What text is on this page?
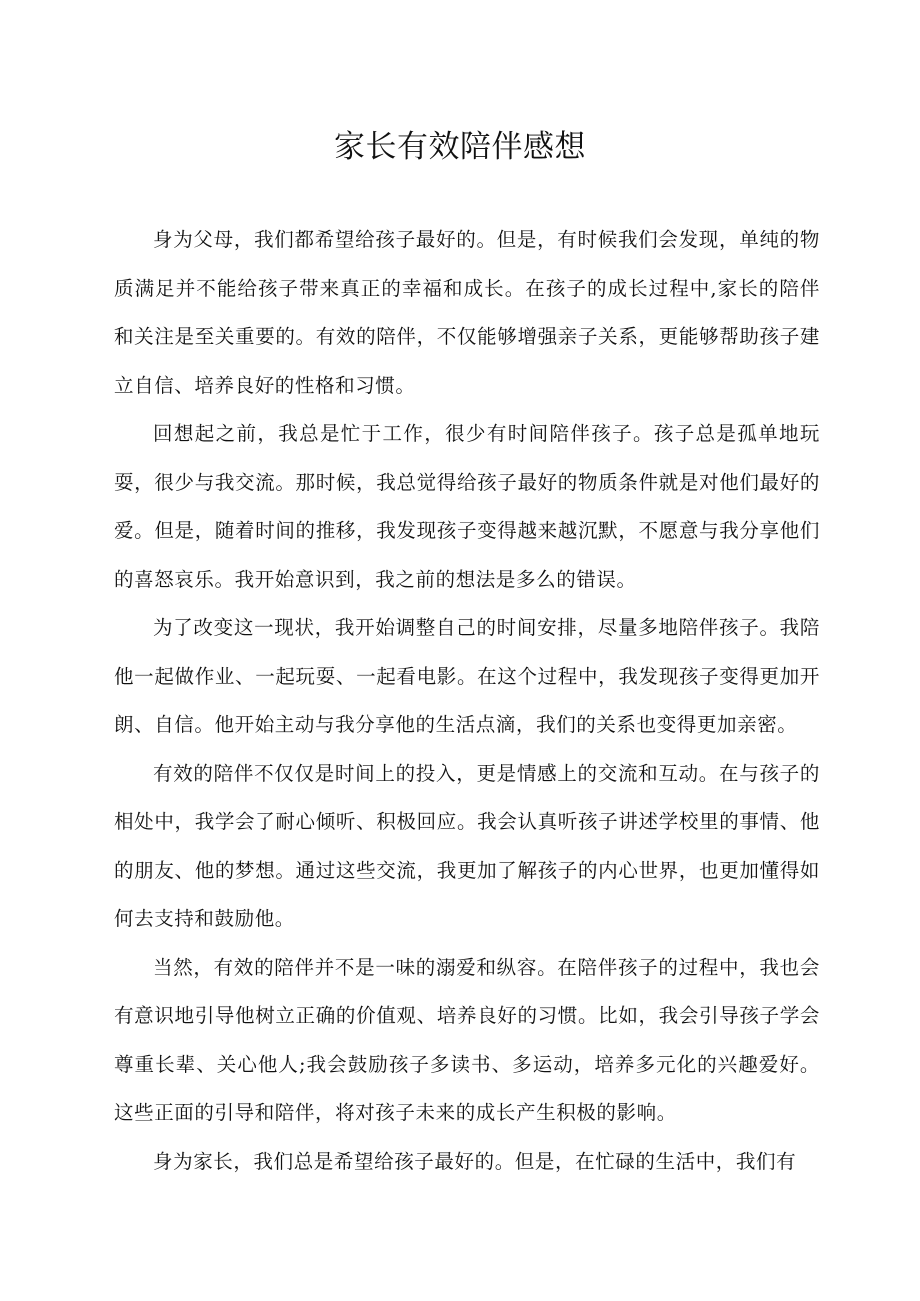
家长有效陪伴感想

身为父母，我们都希望给孩子最好的。但是，有时候我们会发现，单纯的物质满足并不能给孩子带来真正的幸福和成长。在孩子的成长过程中,家长的陪伴和关注是至关重要的。有效的陪伴，不仅能够增强亲子关系，更能够帮助孩子建立自信、培养良好的性格和习惯。

回想起之前，我总是忙于工作，很少有时间陪伴孩子。孩子总是孤单地玩耍，很少与我交流。那时候，我总觉得给孩子最好的物质条件就是对他们最好的爱。但是，随着时间的推移，我发现孩子变得越来越沉默，不愿意与我分享他们的喜怒哀乐。我开始意识到，我之前的想法是多么的错误。

为了改变这一现状，我开始调整自己的时间安排，尽量多地陪伴孩子。我陪他一起做作业、一起玩耍、一起看电影。在这个过程中，我发现孩子变得更加开朗、自信。他开始主动与我分享他的生活点滴，我们的关系也变得更加亲密。

有效的陪伴不仅仅是时间上的投入，更是情感上的交流和互动。在与孩子的相处中，我学会了耐心倾听、积极回应。我会认真听孩子讲述学校里的事情、他的朋友、他的梦想。通过这些交流，我更加了解孩子的内心世界，也更加懂得如何去支持和鼓励他。

当然，有效的陪伴并不是一味的溺爱和纵容。在陪伴孩子的过程中，我也会有意识地引导他树立正确的价值观、培养良好的习惯。比如，我会引导孩子学会尊重长辈、关心他人;我会鼓励孩子多读书、多运动，培养多元化的兴趣爱好。这些正面的引导和陪伴，将对孩子未来的成长产生积极的影响。

身为家长，我们总是希望给孩子最好的。但是，在忙碌的生活中，我们有
